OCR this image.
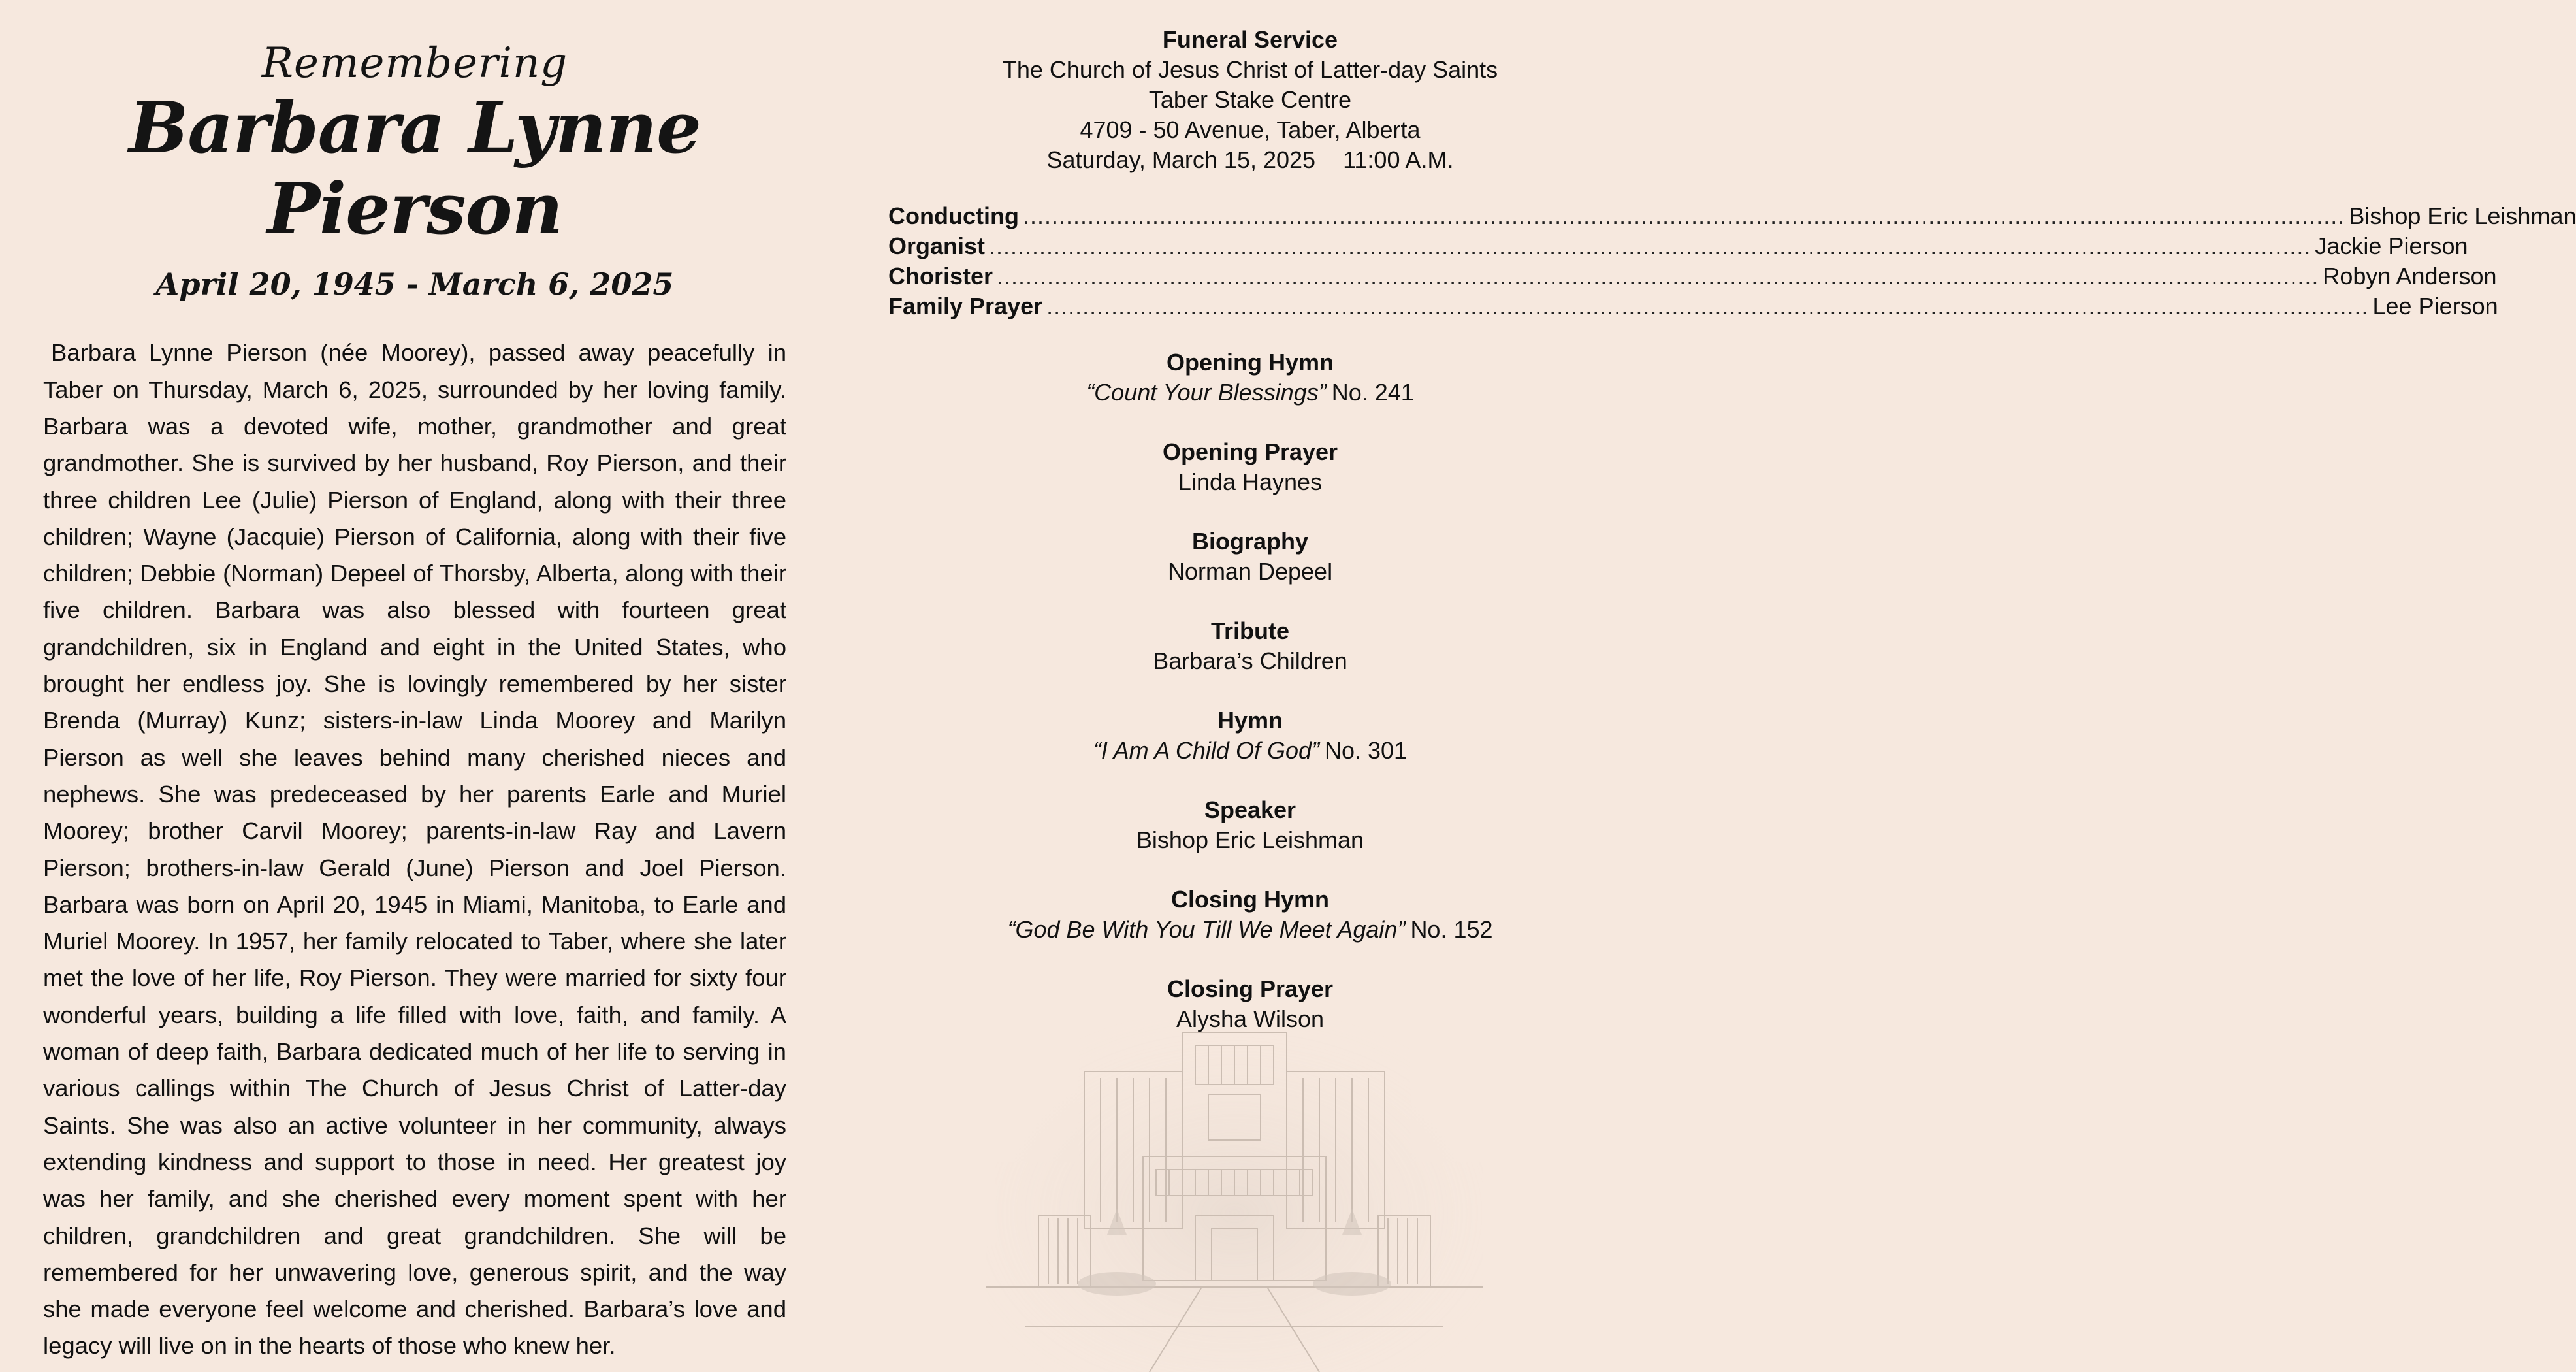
Remembering
Barbara Lynne Pierson
April 20, 1945 - March 6, 2025

Barbara Lynne Pierson (née Moorey), passed away peacefully in Taber on Thursday, March 6, 2025, surrounded by her loving family. Barbara was a devoted wife, mother, grandmother and great grandmother. She is survived by her husband, Roy Pierson, and their three children Lee (Julie) Pierson of England, along with their three children; Wayne (Jacquie) Pierson of California, along with their five children; Debbie (Norman) Depeel of Thorsby, Alberta, along with their five children. Barbara was also blessed with fourteen great grandchildren, six in England and eight in the United States, who brought her endless joy. She is lovingly remembered by her sister Brenda (Murray) Kunz; sisters-in-law Linda Moorey and Marilyn Pierson as well she leaves behind many cherished nieces and nephews. She was predeceased by her parents Earle and Muriel Moorey; brother Carvil Moorey; parents-in-law Ray and Lavern Pierson; brothers-in-law Gerald (June) Pierson and Joel Pierson. Barbara was born on April 20, 1945 in Miami, Manitoba, to Earle and Muriel Moorey. In 1957, her family relocated to Taber, where she later met the love of her life, Roy Pierson. They were married for sixty four wonderful years, building a life filled with love, faith, and family. A woman of deep faith, Barbara dedicated much of her life to serving in various callings within The Church of Jesus Christ of Latter-day Saints. She was also an active volunteer in her community, always extending kindness and support to those in need. Her greatest joy was her family, and she cherished every moment spent with her children, grandchildren and great grandchildren. She will be remembered for her unwavering love, generous spirit, and the way she made everyone feel welcome and cherished. Barbara’s love and legacy will live on in the hearts of those who knew her.

Funeral Service
The Church of Jesus Christ of Latter-day Saints
Taber Stake Centre
4709 - 50 Avenue, Taber, Alberta
Saturday, March 15, 2025 11:00 A.M.
Conducting ........................................................................................................................................................................................ Bishop Eric Leishman
Organist ........................................................................................................................................................................................ Jackie Pierson
Chorister ........................................................................................................................................................................................ Robyn Anderson
Family Prayer ........................................................................................................................................................................................ Lee Pierson
Opening Hymn
“Count Your Blessings” No. 241
Opening Prayer
Linda Haynes
Biography
Norman Depeel
Tribute
Barbara’s Children
Hymn
“I Am A Child Of God” No. 301
Speaker
Bishop Eric Leishman
Closing Hymn
“God Be With You Till We Meet Again” No. 152
Closing Prayer
Alysha Wilson
